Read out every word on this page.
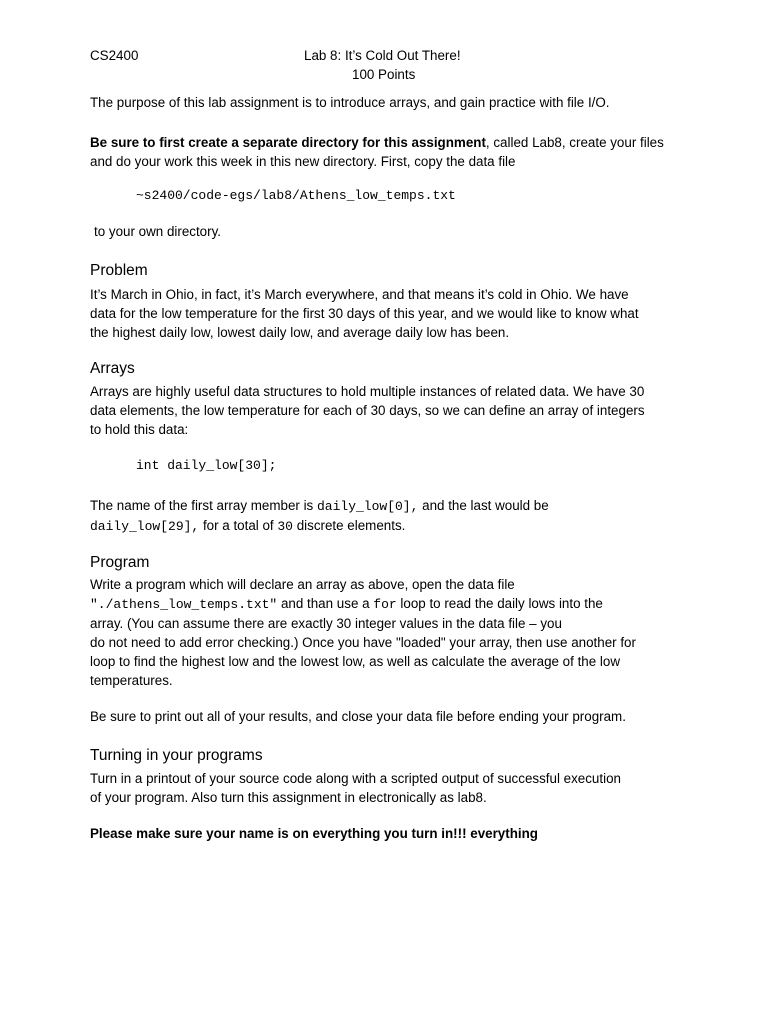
CS2400	Lab 8: It’s Cold Out There!
100 Points
The purpose of this lab assignment is to introduce arrays, and gain practice with file I/O.
Be sure to first create a separate directory for this assignment, called Lab8, create your files
and do your work this week in this new directory. First, copy the data file
~s2400/code-egs/lab8/Athens_low_temps.txt
to your own directory.
Problem
It’s March in Ohio, in fact, it’s March everywhere, and that means it’s cold in Ohio. We have
data for the low temperature for the first 30 days of this year, and we would like to know what
the highest daily low, lowest daily low, and average daily low has been.
Arrays
Arrays are highly useful data structures to hold multiple instances of related data. We have 30
data elements, the low temperature for each of 30 days, so we can define an array of integers
to hold this data:
int daily_low[30];
The name of the first array member is daily_low[0], and the last would be
daily_low[29], for a total of 30 discrete elements.
Program
Write a program which will declare an array as above, open the data file
"./athens_low_temps.txt" and than use a for loop to read the daily lows into the
array. (You can assume there are exactly 30 integer values in the data file – you
do not need to add error checking.) Once you have "loaded" your array, then use another for
loop to find the highest low and the lowest low, as well as calculate the average of the low
temperatures.
Be sure to print out all of your results, and close your data file before ending your program.
Turning in your programs
Turn in a printout of your source code along with a scripted output of successful execution
of your program. Also turn this assignment in electronically as lab8.
Please make sure your name is on everything you turn in!!! everything
